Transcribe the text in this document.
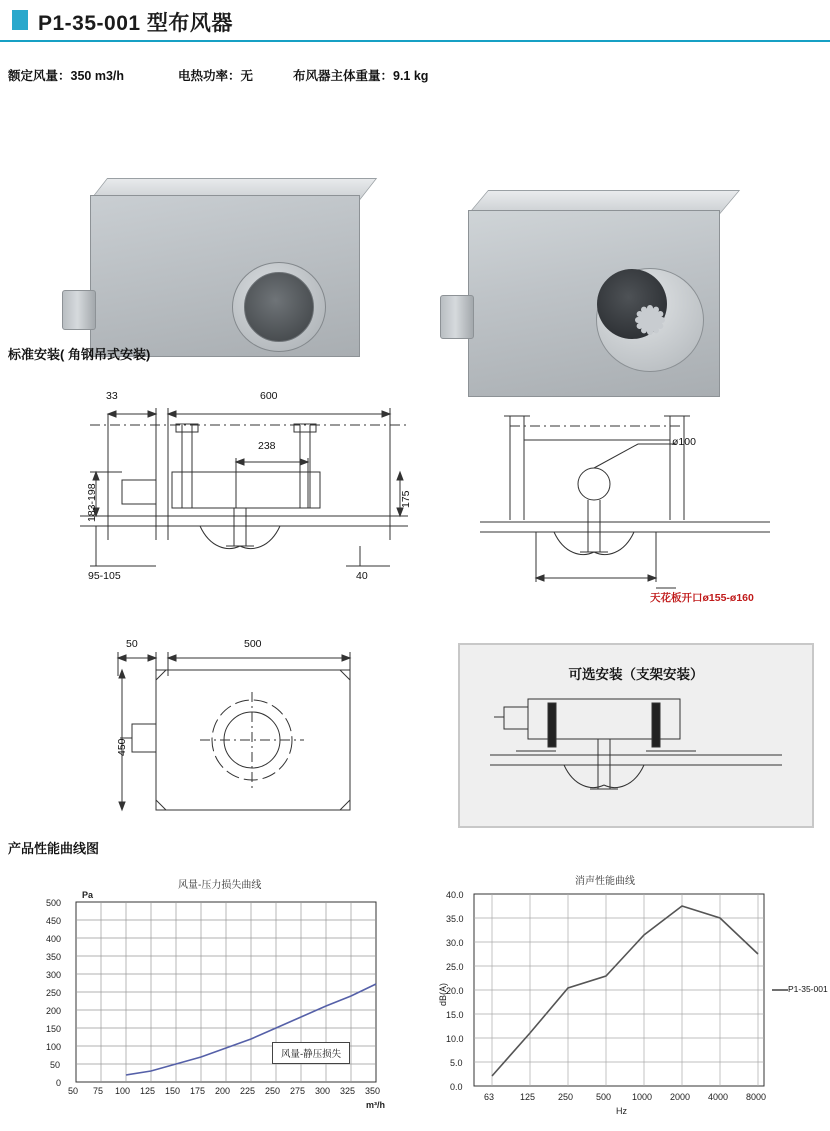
P1-35-001 型布风器
额定风量：350 m3/h	电热功率：无	布风器主体重量：9.1 kg
标准安装( 角钢吊式安装)
33	600
238
175
183-198
95-105	40
ø100
天花板开口ø155-ø160
50	500
450
可选安装（支架安装）
产品性能曲线图
风量-压力损失曲线
Pa
0
50
100
150
200
250
300
350
400
450
500
50 75 100 125 150 175 200 225 250 275 300 325 350
m³/h
风量-静压损失
消声性能曲线
0.0
5.0
10.0
15.0
20.0
25.0
30.0
35.0
40.0
dB(A)
63	125	250	500 1000 2000 4000 8000
Hz
P1-35-001
